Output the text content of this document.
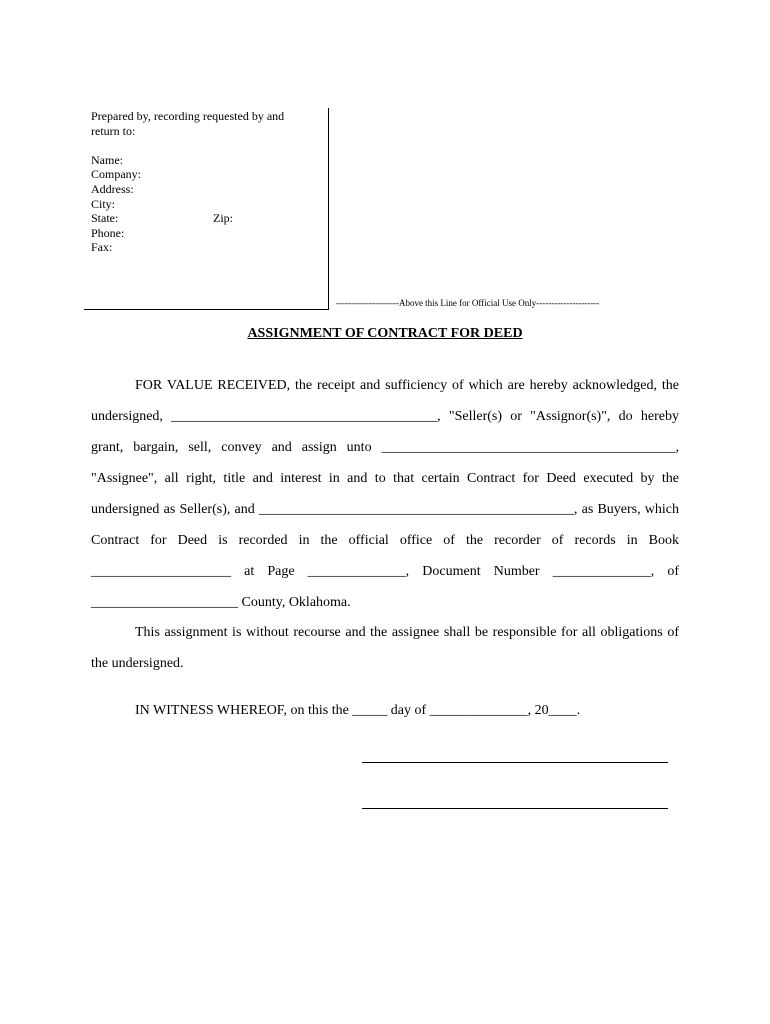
Prepared by, recording requested by and
return to:
Name:
Company:
Address:
City:
State:
Phone:
Fax:
Zip:
---------------------Above this Line for Official Use Only---------------------
ASSIGNMENT OF CONTRACT FOR DEED
FOR VALUE RECEIVED, the receipt and sufficiency of which are hereby acknowledged, the undersigned, ______________________________________, "Seller(s) or "Assignor(s)", do hereby grant, bargain, sell, convey and assign unto __________________________________________, "Assignee", all right, title and interest in and to that certain Contract for Deed executed by the undersigned as Seller(s), and _____________________________________________, as Buyers, which Contract for Deed is recorded in the official office of the recorder of records in Book ____________________ at Page ______________, Document Number ______________, of _____________________ County, Oklahoma.
This assignment is without recourse and the assignee shall be responsible for all obligations of the undersigned.
IN WITNESS WHEREOF, on this the _____ day of ______________, 20____.
